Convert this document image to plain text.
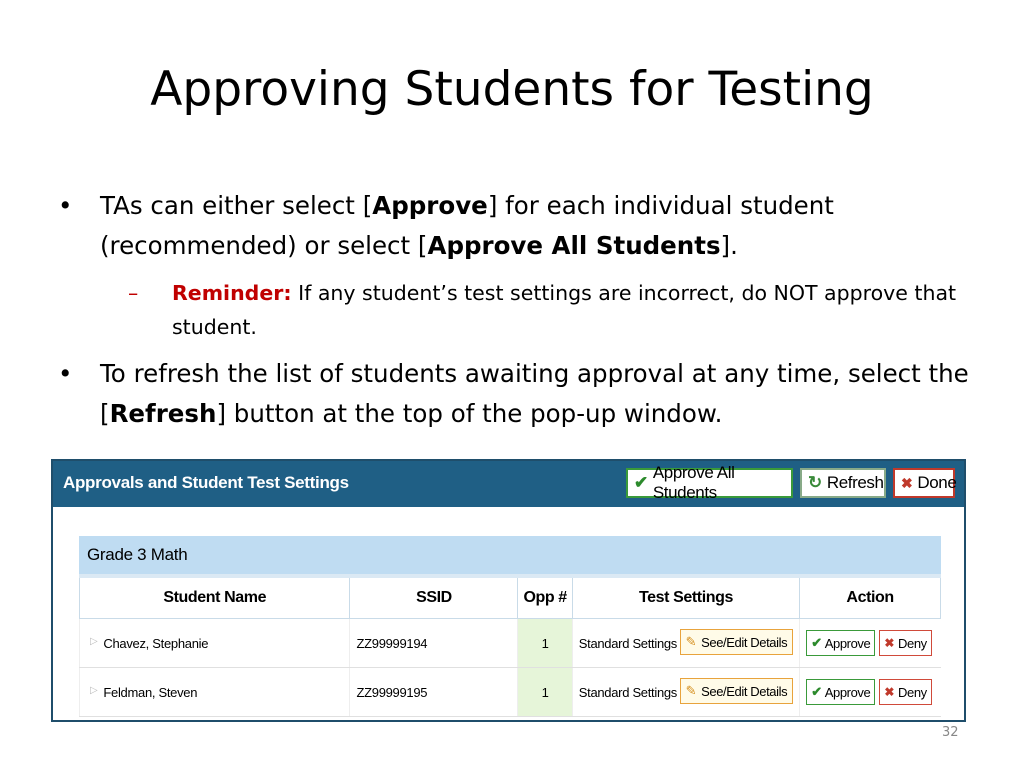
Approving Students for Testing
• TAs can either select [Approve] for each individual student (recommended) or select [Approve All Students].
– Reminder: If any student’s test settings are incorrect, do NOT approve that student.
• To refresh the list of students awaiting approval at any time, select the [Refresh] button at the top of the pop-up window.
Approvals and Student Test Settings	✔
Approve All Students
↻ Refresh ✖ Done
Grade 3 Math
Student Name	SSID	Opp #	Test Settings	Action
▷ Chavez, Stephanie	ZZ99999194	1	Standard Settings ✎ See/Edit Details	✔ Approve ✖ Deny

▷ Feldman, Steven	ZZ99999195	1	Standard Settings ✎ See/Edit Details	✔ Approve ✖ Deny
32
